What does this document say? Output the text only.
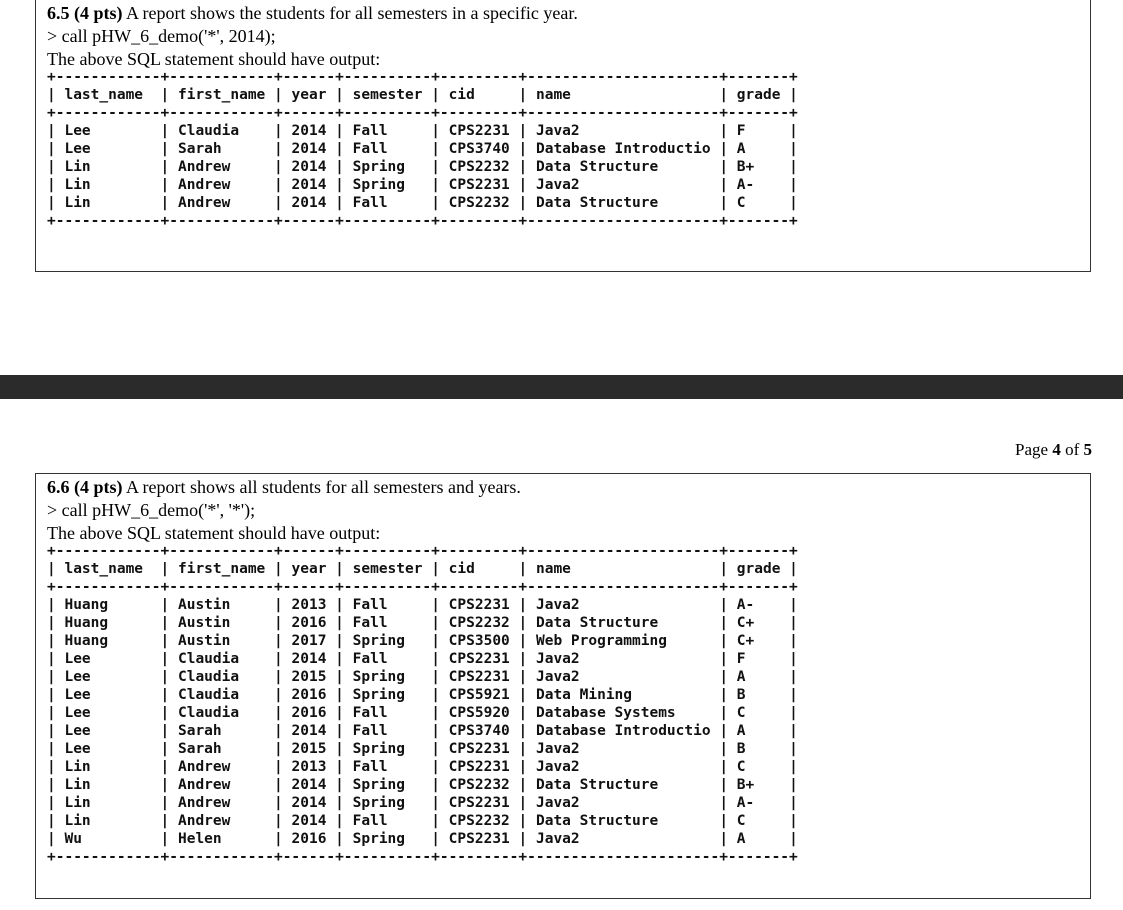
6.5 (4 pts) A report shows the students for all semesters in a specific year.
> call pHW_6_demo('*', 2014);
The above SQL statement should have output:
+------------+------------+------+----------+---------+----------------------+-------+
| last_name  | first_name | year | semester | cid     | name                 | grade |
+------------+------------+------+----------+---------+----------------------+-------+
| Lee        | Claudia    | 2014 | Fall     | CPS2231 | Java2                | F     |
| Lee        | Sarah      | 2014 | Fall     | CPS3740 | Database Introductio | A     |
| Lin        | Andrew     | 2014 | Spring   | CPS2232 | Data Structure       | B+    |
| Lin        | Andrew     | 2014 | Spring   | CPS2231 | Java2                | A-    |
| Lin        | Andrew     | 2014 | Fall     | CPS2232 | Data Structure       | C     |
+------------+------------+------+----------+---------+----------------------+-------+
Page 4 of 5
6.6 (4 pts) A report shows all students for all semesters and years.
> call pHW_6_demo('*', '*');
The above SQL statement should have output:
+------------+------------+------+----------+---------+----------------------+-------+
| last_name  | first_name | year | semester | cid     | name                 | grade |
+------------+------------+------+----------+---------+----------------------+-------+
| Huang      | Austin     | 2013 | Fall     | CPS2231 | Java2                | A-    |
| Huang      | Austin     | 2016 | Fall     | CPS2232 | Data Structure       | C+    |
| Huang      | Austin     | 2017 | Spring   | CPS3500 | Web Programming      | C+    |
| Lee        | Claudia    | 2014 | Fall     | CPS2231 | Java2                | F     |
| Lee        | Claudia    | 2015 | Spring   | CPS2231 | Java2                | A     |
| Lee        | Claudia    | 2016 | Spring   | CPS5921 | Data Mining          | B     |
| Lee        | Claudia    | 2016 | Fall     | CPS5920 | Database Systems     | C     |
| Lee        | Sarah      | 2014 | Fall     | CPS3740 | Database Introductio | A     |
| Lee        | Sarah      | 2015 | Spring   | CPS2231 | Java2                | B     |
| Lin        | Andrew     | 2013 | Fall     | CPS2231 | Java2                | C     |
| Lin        | Andrew     | 2014 | Spring   | CPS2232 | Data Structure       | B+    |
| Lin        | Andrew     | 2014 | Spring   | CPS2231 | Java2                | A-    |
| Lin        | Andrew     | 2014 | Fall     | CPS2232 | Data Structure       | C     |
| Wu         | Helen      | 2016 | Spring   | CPS2231 | Java2                | A     |
+------------+------------+------+----------+---------+----------------------+-------+
